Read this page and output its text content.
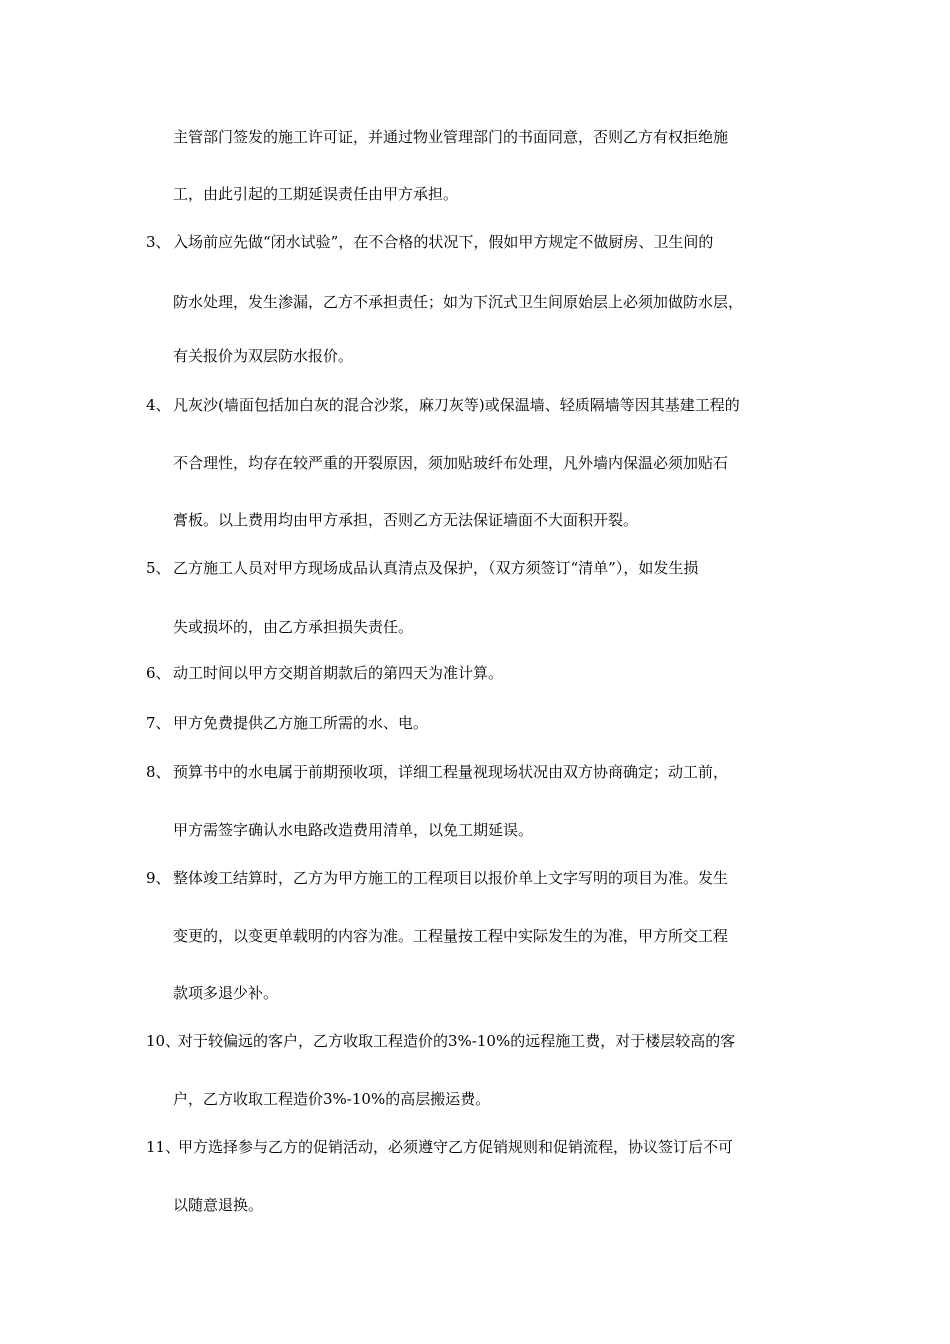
主管部门签发的施工许可证，并通过物业管理部门的书面同意，否则乙方有权拒绝施
工，由此引起的工期延误责任由甲方承担。
3、 入场前应先做“闭水试验”，在不合格的状况下，假如甲方规定不做厨房、卫生间的
防水处理，发生渗漏，乙方不承担责任；如为下沉式卫生间原始层上必须加做防水层，
有关报价为双层防水报价。
4、 凡灰沙(墙面包括加白灰的混合沙浆，麻刀灰等)或保温墙、轻质隔墙等因其基建工程的
不合理性，均存在较严重的开裂原因，须加贴玻纤布处理，凡外墙内保温必须加贴石
膏板。以上费用均由甲方承担，否则乙方无法保证墙面不大面积开裂。
5、 乙方施工人员对甲方现场成品认真清点及保护，（双方须签订“清单”），如发生损
失或损坏的，由乙方承担损失责任。
6、 动工时间以甲方交期首期款后的第四天为准计算。
7、 甲方免费提供乙方施工所需的水、电。
8、 预算书中的水电属于前期预收项，详细工程量视现场状况由双方协商确定；动工前，
甲方需签字确认水电路改造费用清单，以免工期延误。
9、 整体竣工结算时，乙方为甲方施工的工程项目以报价单上文字写明的项目为准。发生
变更的，以变更单载明的内容为准。工程量按工程中实际发生的为准，甲方所交工程
款项多退少补。
10、
对于较偏远的客户，乙方收取工程造价的3%-10%的远程施工费，对于楼层较高的客
户，乙方收取工程造价3%-10%的高层搬运费。
11、
甲方选择参与乙方的促销活动，必须遵守乙方促销规则和促销流程，协议签订后不可
以随意退换。
